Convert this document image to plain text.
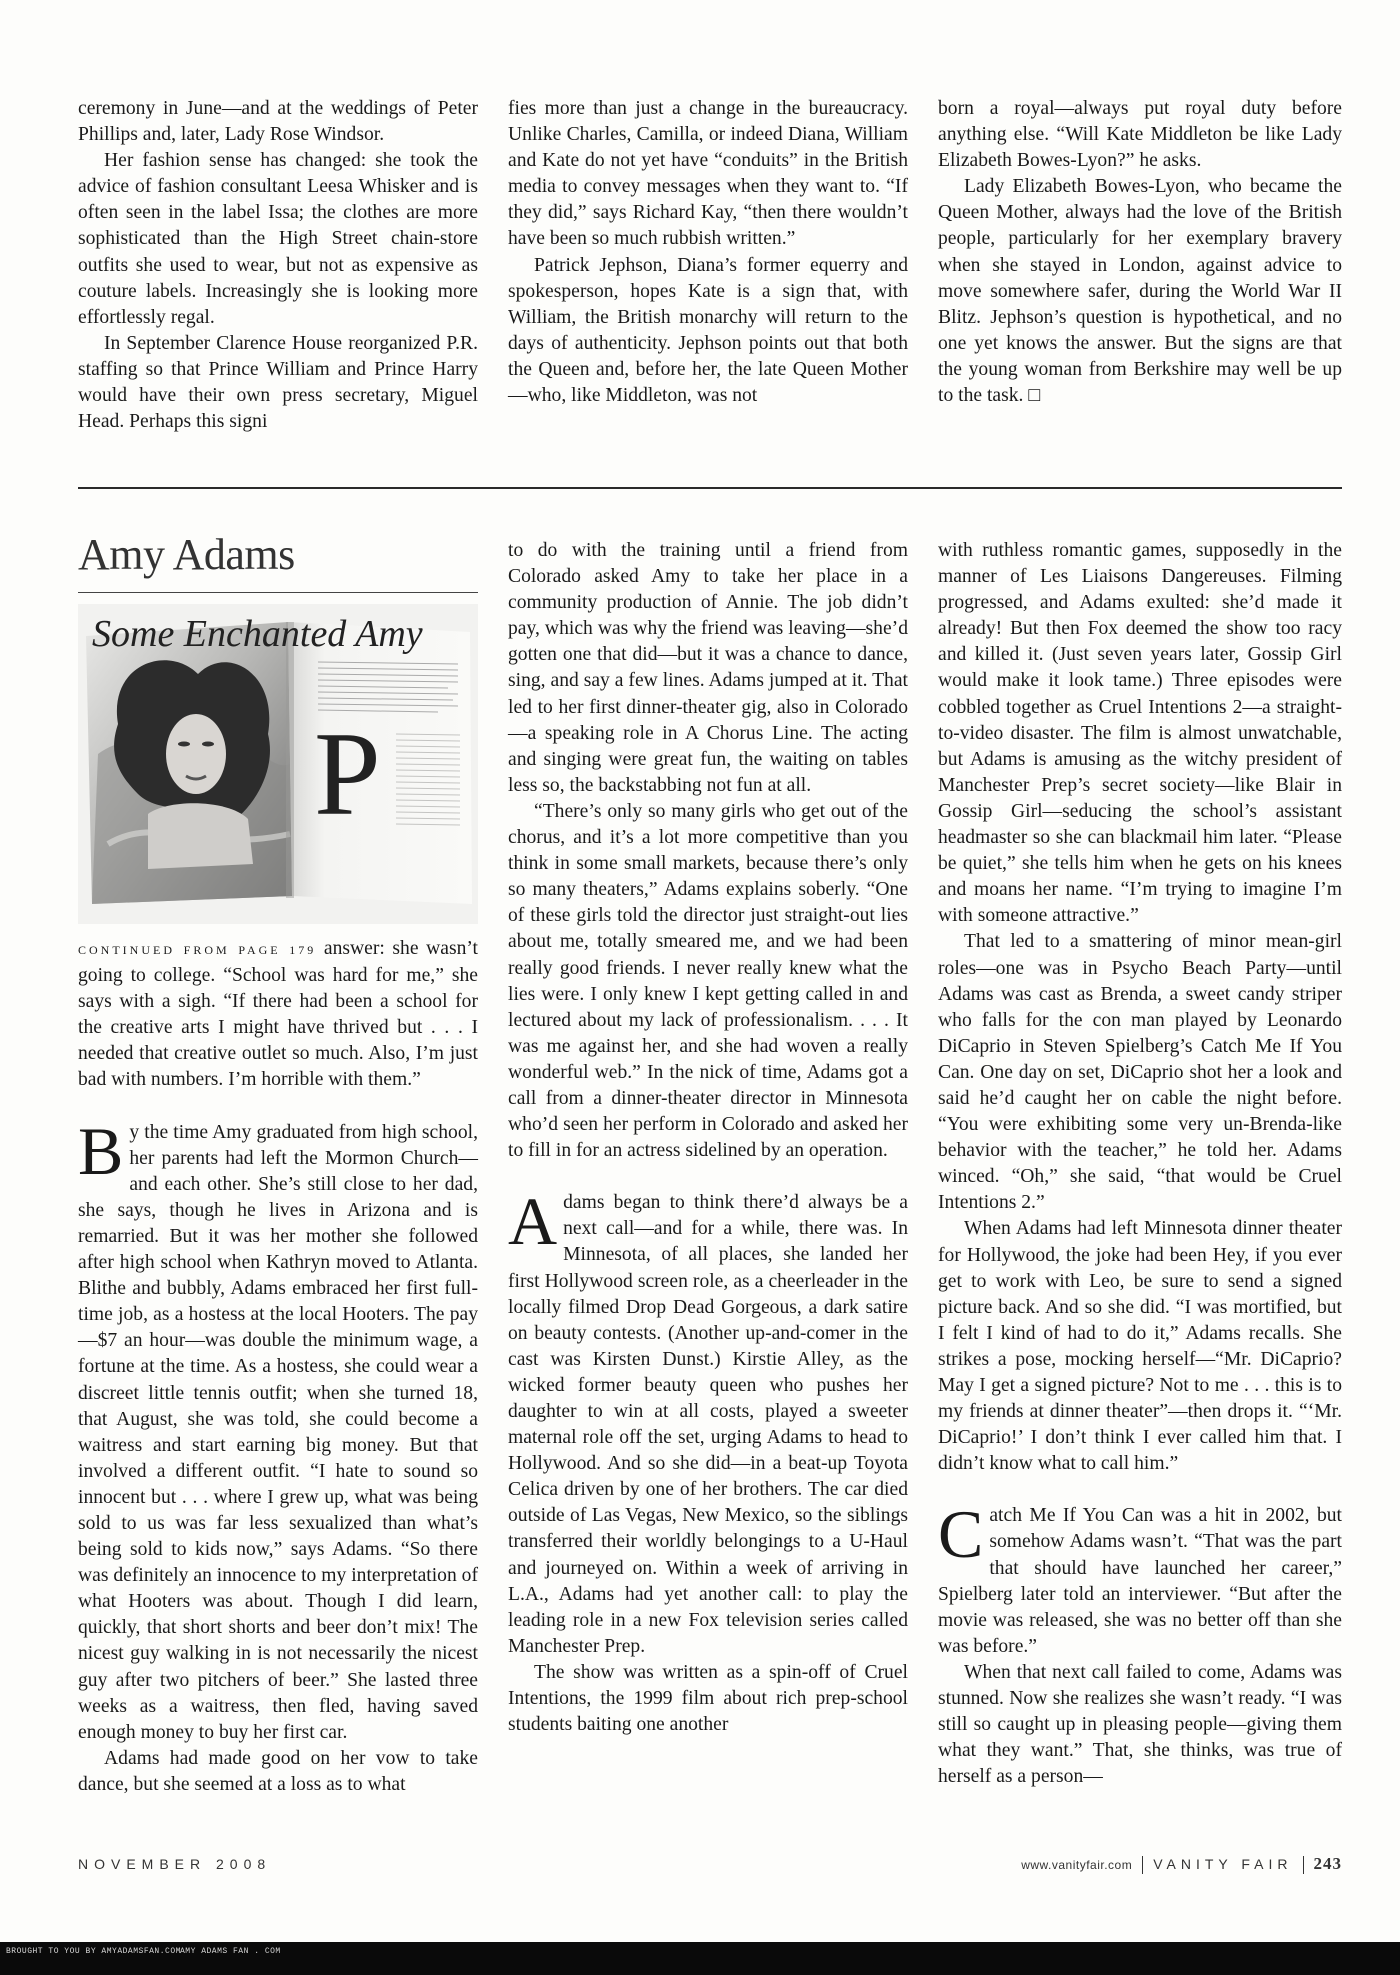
ceremony in June—and at the weddings of Peter Phillips and, later, Lady Rose Windsor.

Her fashion sense has changed: she took the advice of fashion consultant Leesa Whisker and is often seen in the label Issa; the clothes are more sophisticated than the High Street chain-store outfits she used to wear, but not as expensive as couture labels. Increasingly she is looking more effortlessly regal.

In September Clarence House reorganized P.R. staffing so that Prince William and Prince Harry would have their own press secretary, Miguel Head. Perhaps this signi

fies more than just a change in the bureaucracy. Unlike Charles, Camilla, or indeed Diana, William and Kate do not yet have “conduits” in the British media to convey messages when they want to. “If they did,” says Richard Kay, “then there wouldn’t have been so much rubbish written.”

Patrick Jephson, Diana’s former equerry and spokesperson, hopes Kate is a sign that, with William, the British monarchy will return to the days of authenticity. Jephson points out that both the Queen and, before her, the late Queen Mother—who, like Middleton, was not

born a royal—always put royal duty before anything else. “Will Kate Middleton be like Lady Elizabeth Bowes-Lyon?” he asks.

Lady Elizabeth Bowes-Lyon, who became the Queen Mother, always had the love of the British people, particularly for her exemplary bravery when she stayed in London, against advice to move somewhere safer, during the World War II Blitz. Jephson’s question is hypothetical, and no one yet knows the answer. But the signs are that the young woman from Berkshire may well be up to the task. □

Amy Adams
Some Enchanted Amy
P

CONTINUED FROM PAGE 179 answer: she wasn’t going to college. “School was hard for me,” she says with a sigh. “If there had been a school for the creative arts I might have thrived but . . . I needed that creative outlet so much. Also, I’m just bad with numbers. I’m horrible with them.”

By the time Amy graduated from high school, her parents had left the Mormon Church—and each other. She’s still close to her dad, she says, though he lives in Arizona and is remarried. But it was her mother she followed after high school when Kathryn moved to Atlanta. Blithe and bubbly, Adams embraced her first full-time job, as a hostess at the local Hooters. The pay—$7 an hour—was double the minimum wage, a fortune at the time. As a hostess, she could wear a discreet little tennis outfit; when she turned 18, that August, she was told, she could become a waitress and start earning big money. But that involved a different outfit. “I hate to sound so innocent but . . . where I grew up, what was being sold to us was far less sexualized than what’s being sold to kids now,” says Adams. “So there was definitely an innocence to my interpretation of what Hooters was about. Though I did learn, quickly, that short shorts and beer don’t mix! The nicest guy walking in is not necessarily the nicest guy after two pitchers of beer.” She lasted three weeks as a waitress, then fled, having saved enough money to buy her first car.

Adams had made good on her vow to take dance, but she seemed at a loss as to what

to do with the training until a friend from Colorado asked Amy to take her place in a community production of Annie. The job didn’t pay, which was why the friend was leaving—she’d gotten one that did—but it was a chance to dance, sing, and say a few lines. Adams jumped at it. That led to her first dinner-theater gig, also in Colorado—a speaking role in A Chorus Line. The acting and singing were great fun, the waiting on tables less so, the backstabbing not fun at all.

“There’s only so many girls who get out of the chorus, and it’s a lot more competitive than you think in some small markets, because there’s only so many theaters,” Adams explains soberly. “One of these girls told the director just straight-out lies about me, totally smeared me, and we had been really good friends. I never really knew what the lies were. I only knew I kept getting called in and lectured about my lack of professionalism. . . . It was me against her, and she had woven a really wonderful web.” In the nick of time, Adams got a call from a dinner-theater director in Minnesota who’d seen her perform in Colorado and asked her to fill in for an actress sidelined by an operation.

Adams began to think there’d always be a next call—and for a while, there was. In Minnesota, of all places, she landed her first Hollywood screen role, as a cheerleader in the locally filmed Drop Dead Gorgeous, a dark satire on beauty contests. (Another up-and-comer in the cast was Kirsten Dunst.) Kirstie Alley, as the wicked former beauty queen who pushes her daughter to win at all costs, played a sweeter maternal role off the set, urging Adams to head to Hollywood. And so she did—in a beat-up Toyota Celica driven by one of her brothers. The car died outside of Las Vegas, New Mexico, so the siblings transferred their worldly belongings to a U-Haul and journeyed on. Within a week of arriving in L.A., Adams had yet another call: to play the leading role in a new Fox television series called Manchester Prep.

The show was written as a spin-off of Cruel Intentions, the 1999 film about rich prep-school students baiting one another

with ruthless romantic games, supposedly in the manner of Les Liaisons Dangereuses. Filming progressed, and Adams exulted: she’d made it already! But then Fox deemed the show too racy and killed it. (Just seven years later, Gossip Girl would make it look tame.) Three episodes were cobbled together as Cruel Intentions 2—a straight-to-video disaster. The film is almost unwatchable, but Adams is amusing as the witchy president of Manchester Prep’s secret society—like Blair in Gossip Girl—seducing the school’s assistant headmaster so she can blackmail him later. “Please be quiet,” she tells him when he gets on his knees and moans her name. “I’m trying to imagine I’m with someone attractive.”

That led to a smattering of minor mean-girl roles—one was in Psycho Beach Party—until Adams was cast as Brenda, a sweet candy striper who falls for the con man played by Leonardo DiCaprio in Steven Spielberg’s Catch Me If You Can. One day on set, DiCaprio shot her a look and said he’d caught her on cable the night before. “You were exhibiting some very un-Brenda-like behavior with the teacher,” he told her. Adams winced. “Oh,” she said, “that would be Cruel Intentions 2.”

When Adams had left Minnesota dinner theater for Hollywood, the joke had been Hey, if you ever get to work with Leo, be sure to send a signed picture back. And so she did. “I was mortified, but I felt I kind of had to do it,” Adams recalls. She strikes a pose, mocking herself—“Mr. DiCaprio? May I get a signed picture? Not to me . . . this is to my friends at dinner theater”—then drops it. “‘Mr. DiCaprio!’ I don’t think I ever called him that. I didn’t know what to call him.”

Catch Me If You Can was a hit in 2002, but somehow Adams wasn’t. “That was the part that should have launched her career,” Spielberg later told an interviewer. “But after the movie was released, she was no better off than she was before.”

When that next call failed to come, Adams was stunned. Now she realizes she wasn’t ready. “I was still so caught up in pleasing people—giving them what they want.” That, she thinks, was true of herself as a person—

NOVEMBER 2008	www.vanityfair.com VANITY FAIR 243
BROUGHT TO YOU BY AMYADAMSFAN.COM AMY ADAMS FAN . COM
